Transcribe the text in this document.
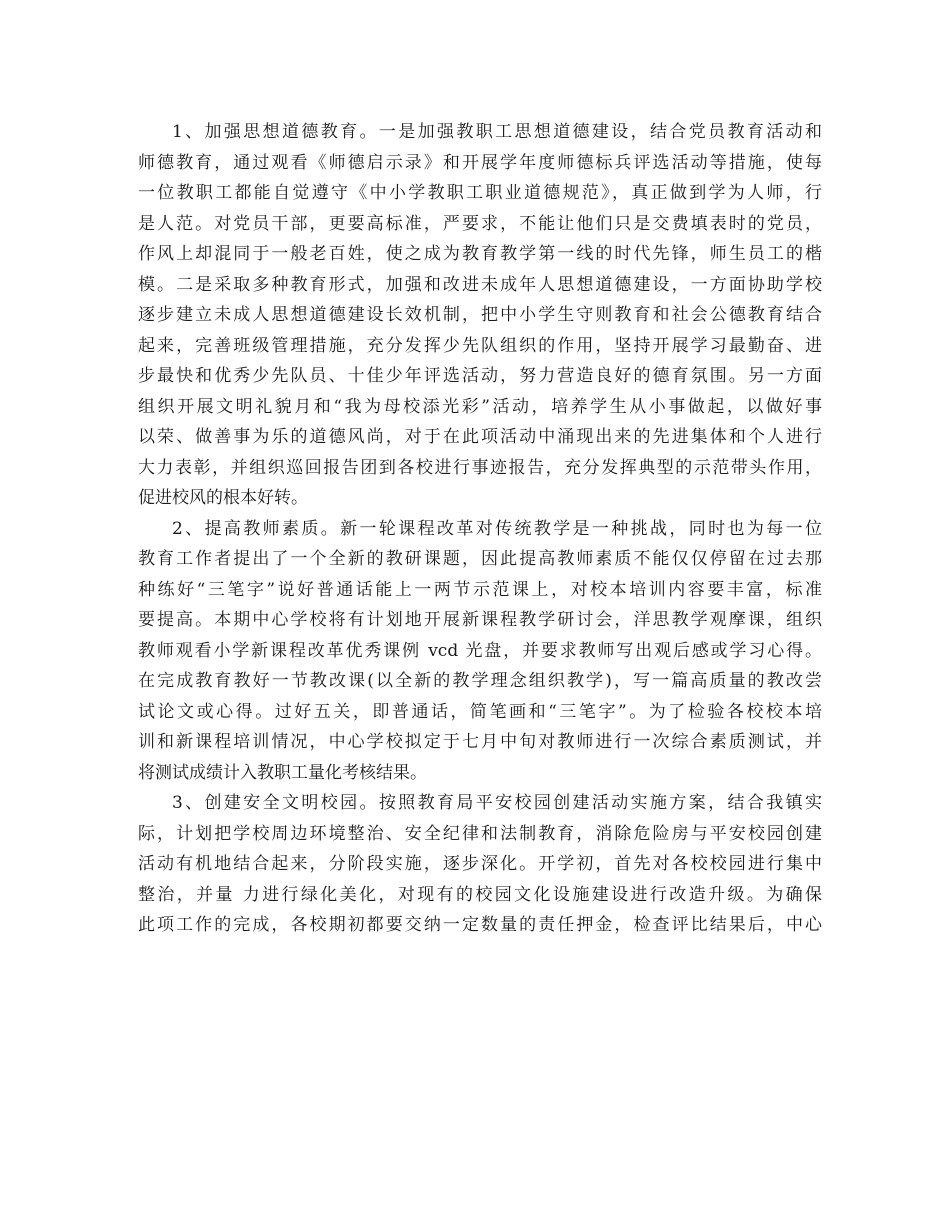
1、加强思想道德教育。一是加强教职工思想道德建设，结合党员教育活动和
师德教育，通过观看《师德启示录》和开展学年度师德标兵评选活动等措施，使每
一位教职工都能自觉遵守《中小学教职工职业道德规范》，真正做到学为人师，行
是人范。对党员干部，更要高标准，严要求，不能让他们只是交费填表时的党员，
作风上却混同于一般老百姓，使之成为教育教学第一线的时代先锋，师生员工的楷
模。二是采取多种教育形式，加强和改进未成年人思想道德建设，一方面协助学校
逐步建立未成人思想道德建设长效机制，把中小学生守则教育和社会公德教育结合
起来，完善班级管理措施，充分发挥少先队组织的作用，坚持开展学习最勤奋、进
步最快和优秀少先队员、十佳少年评选活动，努力营造良好的德育氛围。另一方面
组织开展文明礼貌月和“我为母校添光彩”活动，培养学生从小事做起，以做好事
以荣、做善事为乐的道德风尚，对于在此项活动中涌现出来的先进集体和个人进行
大力表彰，并组织巡回报告团到各校进行事迹报告，充分发挥典型的示范带头作用，
促进校风的根本好转。
2、提高教师素质。新一轮课程改革对传统教学是一种挑战，同时也为每一位
教育工作者提出了一个全新的教研课题，因此提高教师素质不能仅仅停留在过去那
种练好“三笔字”说好普通话能上一两节示范课上，对校本培训内容要丰富，标准
要提高。本期中心学校将有计划地开展新课程教学研讨会，洋思教学观摩课，组织
教师观看小学新课程改革优秀课例 vcd 光盘，并要求教师写出观后感或学习心得。
在完成教育教好一节教改课(以全新的教学理念组织教学)，写一篇高质量的教改尝
试论文或心得。过好五关，即普通话，简笔画和“三笔字”。为了检验各校校本培
训和新课程培训情况，中心学校拟定于七月中旬对教师进行一次综合素质测试，并
将测试成绩计入教职工量化考核结果。
3、创建安全文明校园。按照教育局平安校园创建活动实施方案，结合我镇实
际，计划把学校周边环境整治、安全纪律和法制教育，消除危险房与平安校园创建
活动有机地结合起来，分阶段实施，逐步深化。开学初，首先对各校校园进行集中
整治，并量 力进行绿化美化，对现有的校园文化设施建设进行改造升级。为确保
此项工作的完成，各校期初都要交纳一定数量的责任押金，检查评比结果后，中心
